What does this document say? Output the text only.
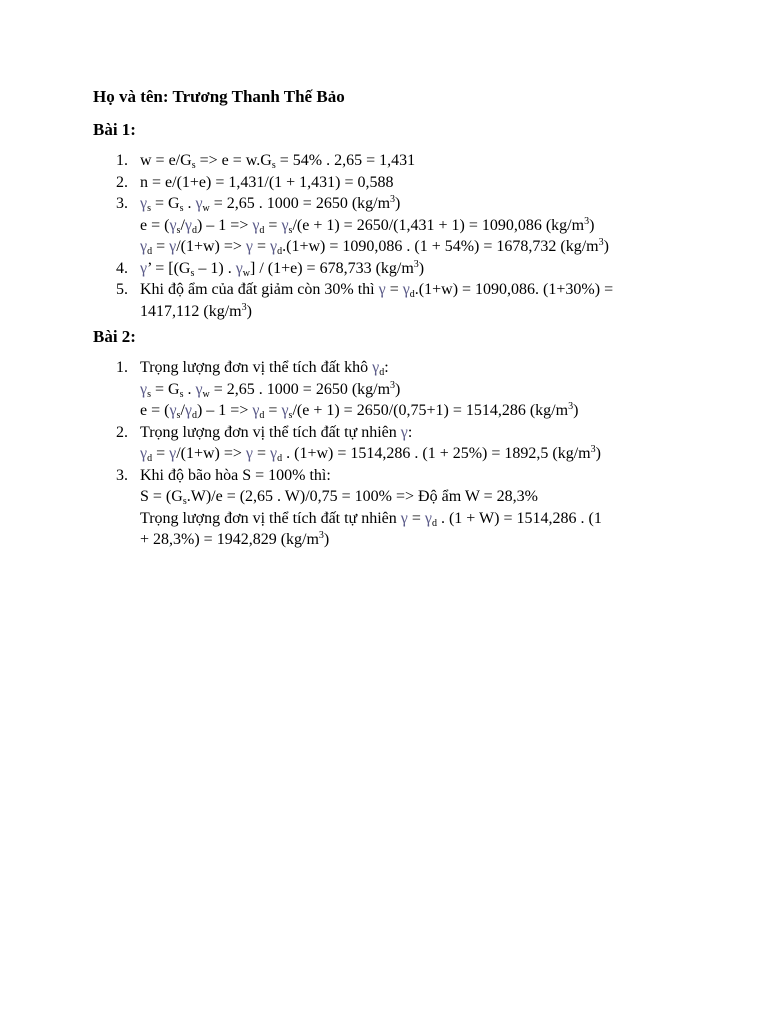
Họ và tên: Trương Thanh Thế Bảo
Bài 1:
1. $w = e/G_s => e = w.G_s = 54\%$ . 2,65 = 1,431
2. n = e/(1+e) = 1,431/(1 + 1,431) = 0,588
3. $\gamma_s = G_s$ . $\gamma_w = 2,65$ . 1000 = 2650 $(kg/m^3)$
$e = (\gamma_s/\gamma_d) - 1 => \gamma_d = \gamma_s/(e + 1) = 2650/(1,431 + 1) = 1090,086$ $(kg/m^3)$
$\gamma_d = \gamma/(1+w) => \gamma = \gamma_d.(1+w) = 1090,086$ . (1 + 54%) = 1678,732 $(kg/m^3)$
4. γ’ = [$(G_s - 1)$ . $\gamma_w] / (1+e) = 678,733$ $(kg/m^3)$
5. Khi độ ẩm của đất giảm còn 30% thì $\gamma = \gamma_d.(1+w) = 1090,086$. (1+30%) =
1417,112 $(kg/m^3)$
Bài 2:
1. Trọng lượng đơn vị thể tích đất khô $\gamma_d$:
$\gamma_s = G_s$ . $\gamma_w = 2,65$ . 1000 = 2650 $(kg/m^3)$
$e = (\gamma_s/\gamma_d) - 1 => \gamma_d = \gamma_s/(e + 1) = 2650/(0,75+1) = 1514,286$ $(kg/m^3)$
2. Trọng lượng đơn vị thể tích đất tự nhiên γ:
$\gamma_d = \gamma/(1+w) => \gamma = \gamma_d$ . (1+w) = 1514,286 . (1 + 25%) = 1892,5 $(kg/m^3)$
3. Khi độ bão hòa S = 100% thì:
$S = (G_s.W)/e = (2,65$ . W)/0,75 = 100% => Độ ẩm W = 28,3%
Trọng lượng đơn vị thể tích đất tự nhiên $\gamma = \gamma_d$ . (1 + W) = 1514,286 . (1
+ 28,3%) = 1942,829 $(kg/m^3)$
